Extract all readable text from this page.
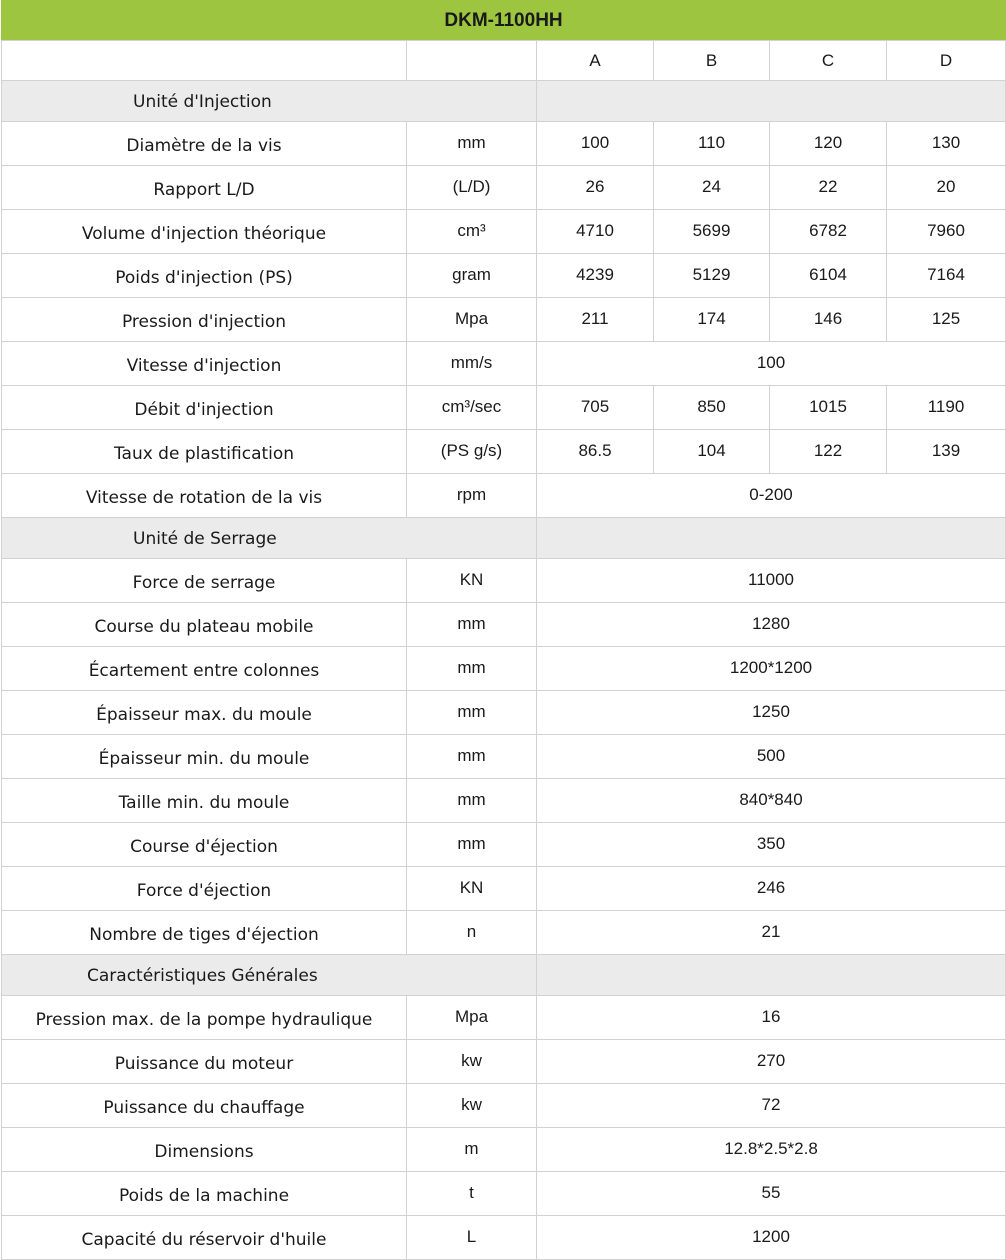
DKM-1100HH					
		A	B	C	D
Unité d'Injection					
Diamètre de la vis	mm	100	110	120	130
Rapport L/D	(L/D)	26	24	22	20
Volume d'injection théorique	cm³	4710	5699	6782	7960
Poids d'injection (PS)	gram	4239	5129	6104	7164
Pression d'injection	Mpa	211	174	146	125
Vitesse d'injection	mm/s	100			
Débit d'injection	cm³/sec	705	850	1015	1190
Taux de plastification	(PS g/s)	86.5	104	122	139
Vitesse de rotation de la vis	rpm	0-200			
Unité de Serrage					
Force de serrage	KN	11000			
Course du plateau mobile	mm	1280			
Écartement entre colonnes	mm	1200*1200			
Épaisseur max. du moule	mm	1250			
Épaisseur min. du moule	mm	500			
Taille min. du moule	mm	840*840			
Course d'éjection	mm	350			
Force d'éjection	KN	246			
Nombre de tiges d'éjection	n	21			
Caractéristiques Générales					
Pression max. de la pompe hydraulique	Mpa	16			
Puissance du moteur	kw	270			
Puissance du chauffage	kw	72			
Dimensions	m	12.8*2.5*2.8			
Poids de la machine	t	55			
Capacité du réservoir d'huile	L	1200			
